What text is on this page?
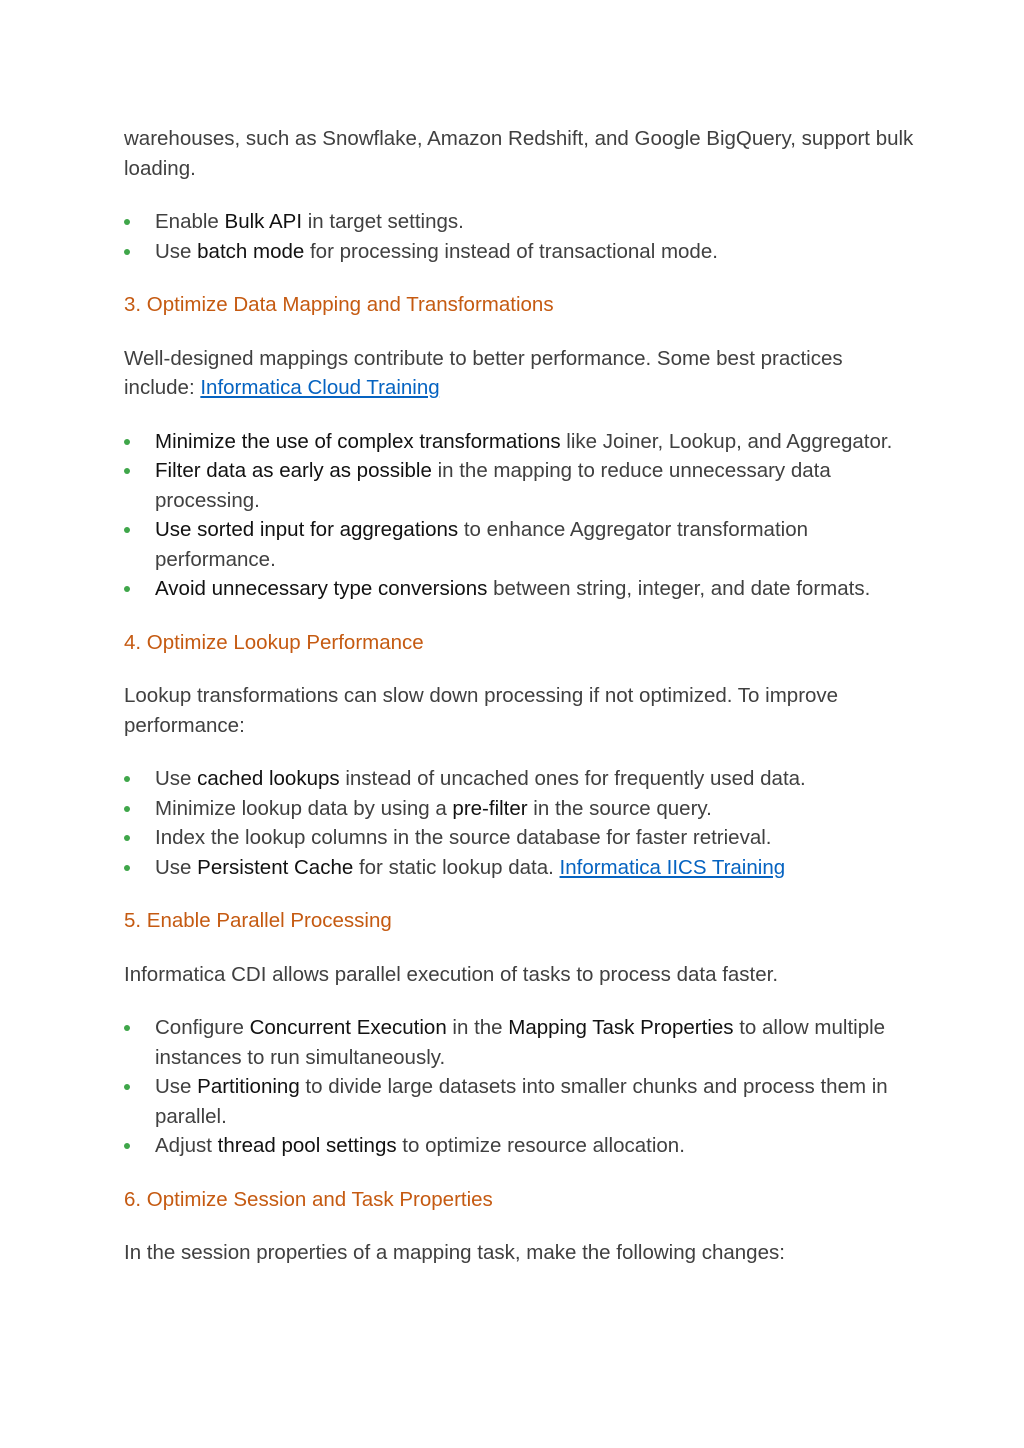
warehouses, such as Snowflake, Amazon Redshift, and Google BigQuery, support bulk loading.

Enable Bulk API in target settings.
Use batch mode for processing instead of transactional mode.
3. Optimize Data Mapping and Transformations

Well-designed mappings contribute to better performance. Some best practices include: Informatica Cloud Training

Minimize the use of complex transformations like Joiner, Lookup, and Aggregator.
Filter data as early as possible in the mapping to reduce unnecessary data processing.
Use sorted input for aggregations to enhance Aggregator transformation performance.
Avoid unnecessary type conversions between string, integer, and date formats.
4. Optimize Lookup Performance

Lookup transformations can slow down processing if not optimized. To improve performance:

Use cached lookups instead of uncached ones for frequently used data.
Minimize lookup data by using a pre-filter in the source query.
Index the lookup columns in the source database for faster retrieval.
Use Persistent Cache for static lookup data. Informatica IICS Training
5. Enable Parallel Processing

Informatica CDI allows parallel execution of tasks to process data faster.

Configure Concurrent Execution in the Mapping Task Properties to allow multiple instances to run simultaneously.
Use Partitioning to divide large datasets into smaller chunks and process them in parallel.
Adjust thread pool settings to optimize resource allocation.
6. Optimize Session and Task Properties

In the session properties of a mapping task, make the following changes:
